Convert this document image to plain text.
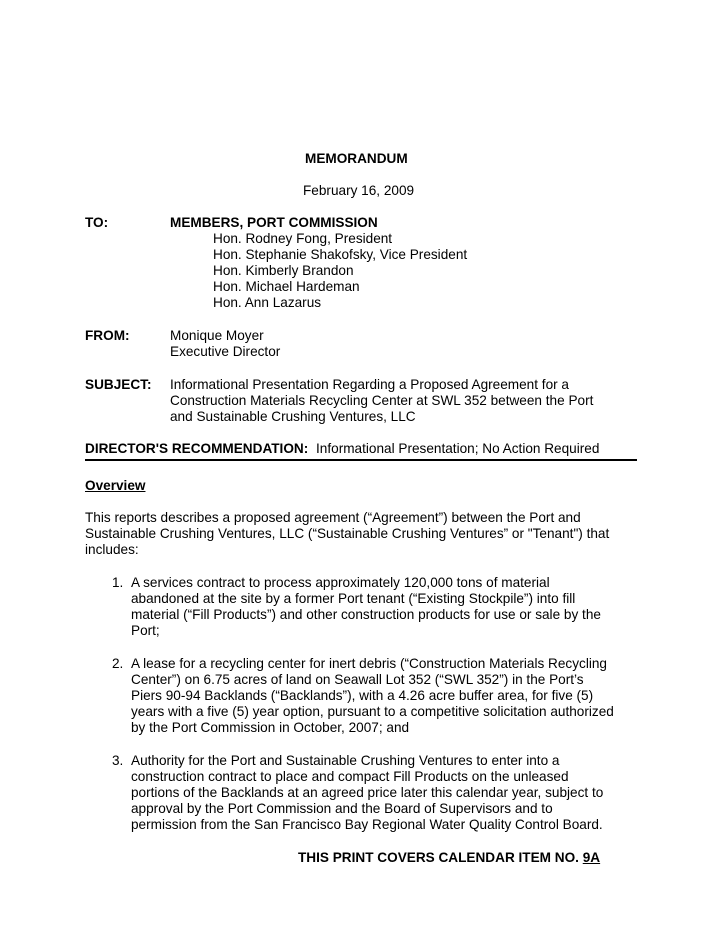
MEMORANDUM
February 16, 2009
TO:	MEMBERS, PORT COMMISSION
Hon. Rodney Fong, President
Hon. Stephanie Shakofsky, Vice President
Hon. Kimberly Brandon
Hon. Michael Hardeman
Hon. Ann Lazarus
FROM:	Monique Moyer
Executive Director
SUBJECT: Informational Presentation Regarding a Proposed Agreement for a
Construction Materials Recycling Center at SWL 352 between the Port
and Sustainable Crushing Ventures, LLC
DIRECTOR'S RECOMMENDATION: Informational Presentation; No Action Required
Overview
This reports describes a proposed agreement (“Agreement”) between the Port and
Sustainable Crushing Ventures, LLC (“Sustainable Crushing Ventures” or "Tenant") that
includes:
1. A services contract to process approximately 120,000 tons of material
abandoned at the site by a former Port tenant (“Existing Stockpile”) into fill
material (“Fill Products”) and other construction products for use or sale by the
Port;
2. A lease for a recycling center for inert debris (“Construction Materials Recycling
Center”) on 6.75 acres of land on Seawall Lot 352 (“SWL 352”) in the Port’s
Piers 90-94 Backlands (“Backlands”), with a 4.26 acre buffer area, for five (5)
years with a five (5) year option, pursuant to a competitive solicitation authorized
by the Port Commission in October, 2007; and
3. Authority for the Port and Sustainable Crushing Ventures to enter into a
construction contract to place and compact Fill Products on the unleased
portions of the Backlands at an agreed price later this calendar year, subject to
approval by the Port Commission and the Board of Supervisors and to
permission from the San Francisco Bay Regional Water Quality Control Board.
THIS PRINT COVERS CALENDAR ITEM NO. 9A
